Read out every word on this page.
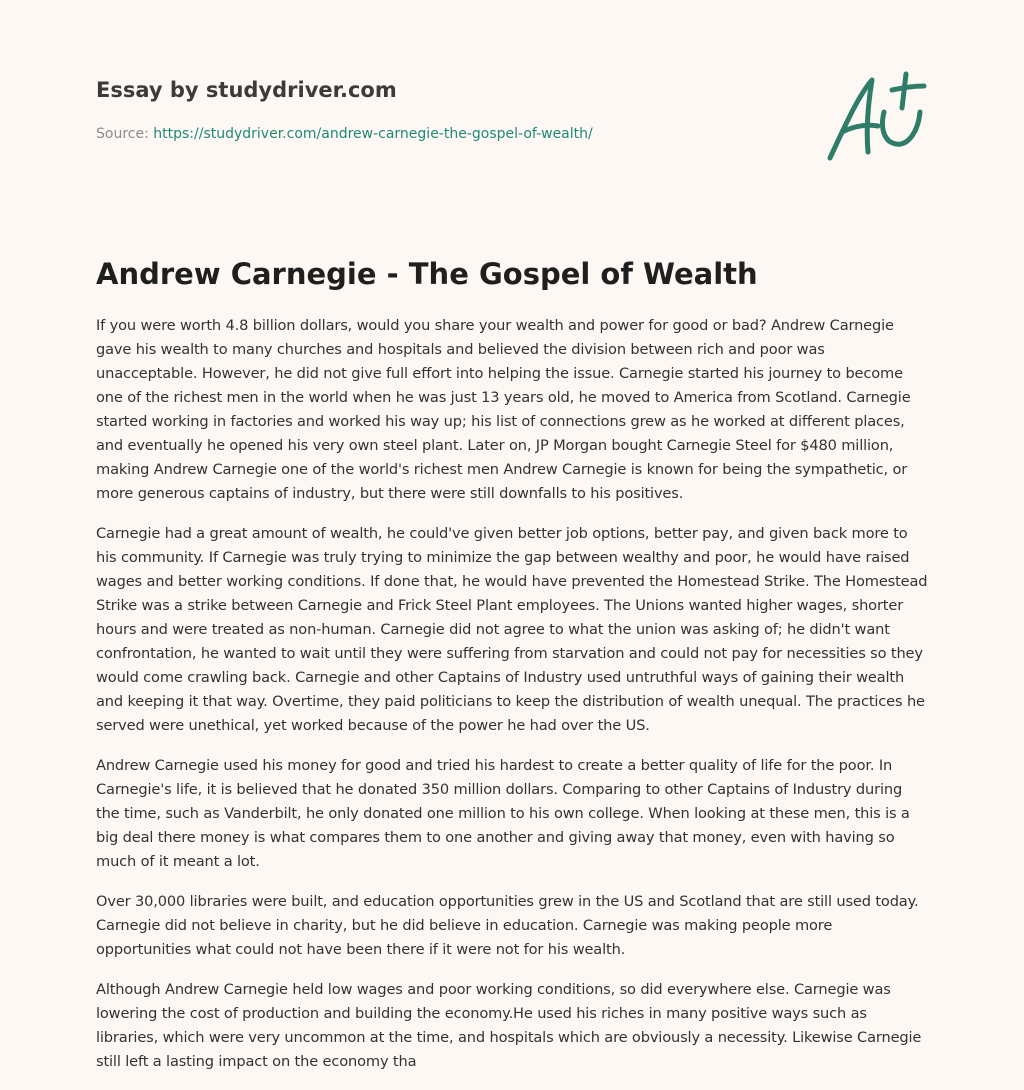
Essay by studydriver.com
Source: https://studydriver.com/andrew-carnegie-the-gospel-of-wealth/
Andrew Carnegie - The Gospel of Wealth

If you were worth 4.8 billion dollars, would you share your wealth and power for good or bad? Andrew Carnegie gave his wealth to many churches and hospitals and believed the division between rich and poor was unacceptable. However, he did not give full effort into helping the issue. Carnegie started his journey to become one of the richest men in the world when he was just 13 years old, he moved to America from Scotland. Carnegie started working in factories and worked his way up; his list of connections grew as he worked at different places, and eventually he opened his very own steel plant. Later on, JP Morgan bought Carnegie Steel for $480 million, making Andrew Carnegie one of the world's richest men Andrew Carnegie is known for being the sympathetic, or more generous captains of industry, but there were still downfalls to his positives.

Carnegie had a great amount of wealth, he could've given better job options, better pay, and given back more to his community. If Carnegie was truly trying to minimize the gap between wealthy and poor, he would have raised wages and better working conditions. If done that, he would have prevented the Homestead Strike. The Homestead Strike was a strike between Carnegie and Frick Steel Plant employees. The Unions wanted higher wages, shorter hours and were treated as non-human. Carnegie did not agree to what the union was asking of; he didn't want confrontation, he wanted to wait until they were suffering from starvation and could not pay for necessities so they would come crawling back. Carnegie and other Captains of Industry used untruthful ways of gaining their wealth and keeping it that way. Overtime, they paid politicians to keep the distribution of wealth unequal. The practices he served were unethical, yet worked because of the power he had over the US.

Andrew Carnegie used his money for good and tried his hardest to create a better quality of life for the poor. In Carnegie's life, it is believed that he donated 350 million dollars. Comparing to other Captains of Industry during the time, such as Vanderbilt, he only donated one million to his own college. When looking at these men, this is a big deal there money is what compares them to one another and giving away that money, even with having so much of it meant a lot.

Over 30,000 libraries were built, and education opportunities grew in the US and Scotland that are still used today. Carnegie did not believe in charity, but he did believe in education. Carnegie was making people more opportunities what could not have been there if it were not for his wealth.

Although Andrew Carnegie held low wages and poor working conditions, so did everywhere else. Carnegie was lowering the cost of production and building the economy.He used his riches in many positive ways such as libraries, which were very uncommon at the time, and hospitals which are obviously a necessity. Likewise Carnegie still left a lasting impact on the economy tha
